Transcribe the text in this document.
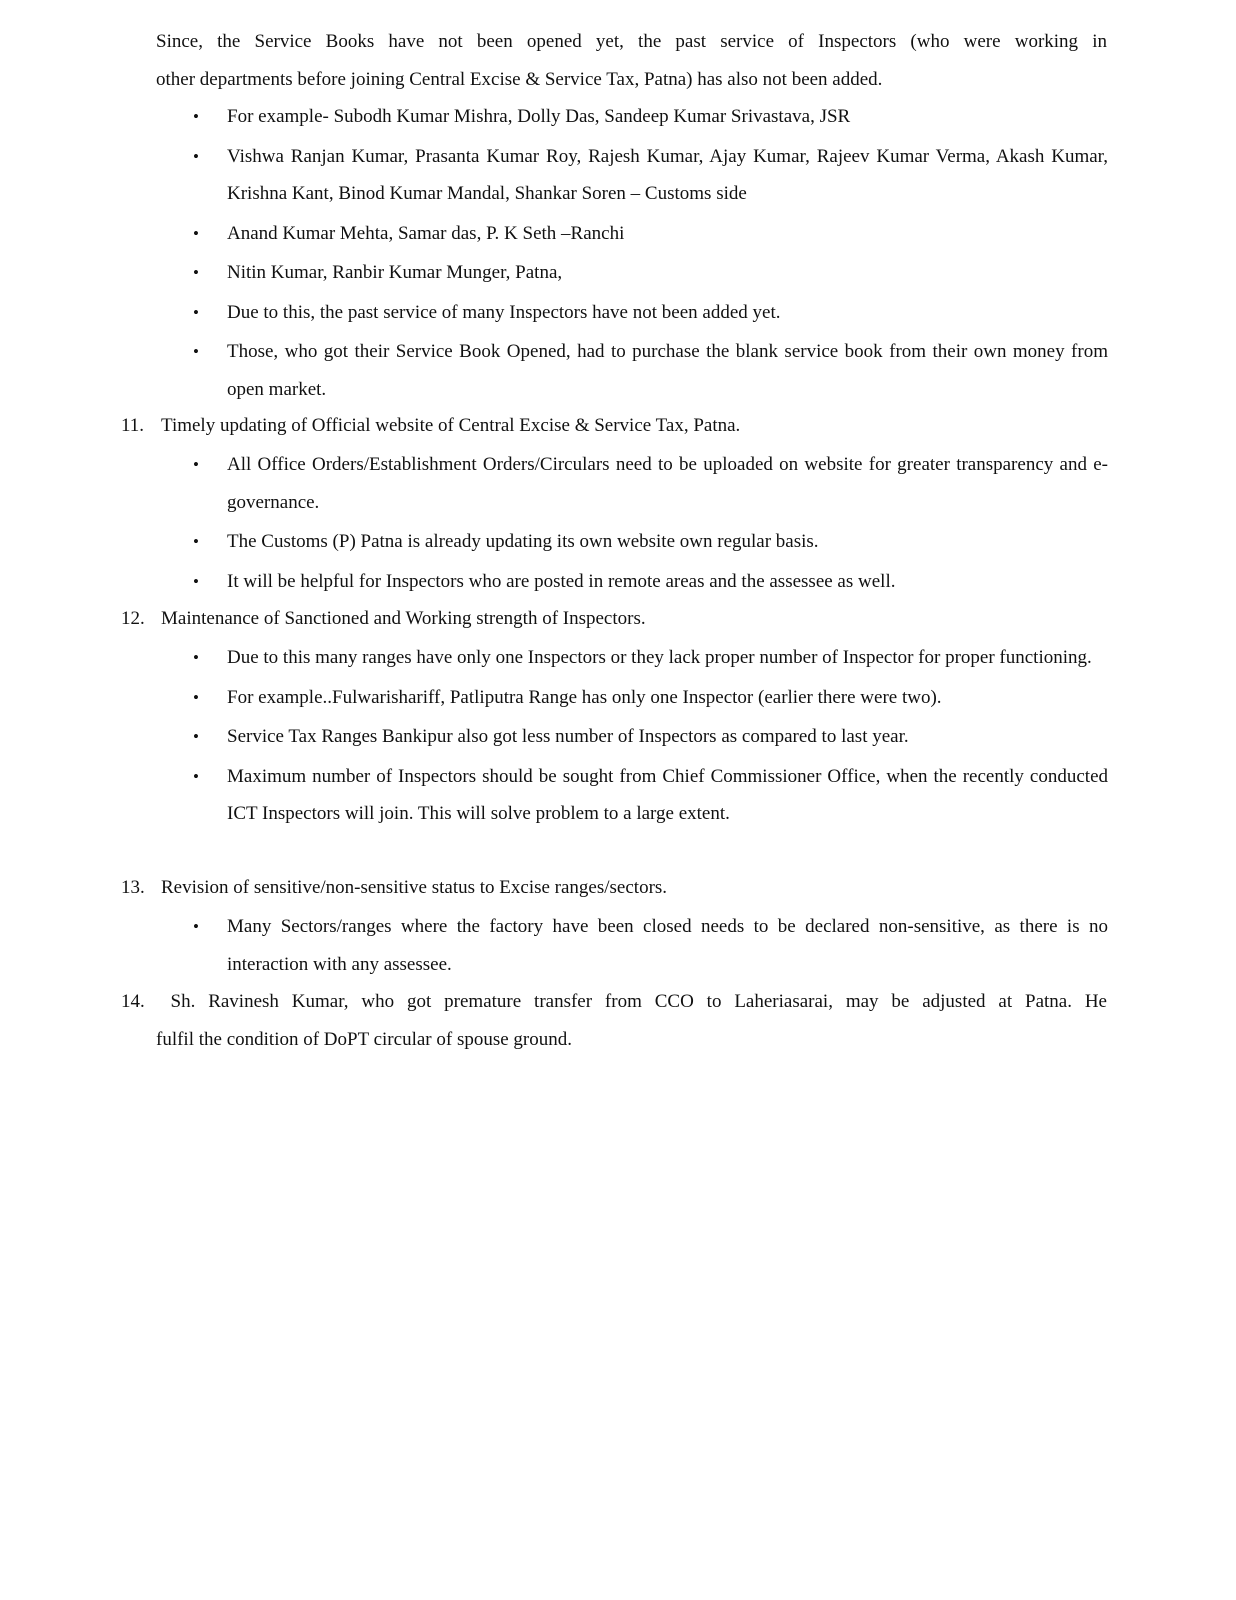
Since, the Service Books have not been opened yet, the past service of Inspectors (who were working in

other departments before joining Central Excise & Service Tax, Patna) has also not been added.

• For example- Subodh Kumar Mishra, Dolly Das, Sandeep Kumar Srivastava, JSR
• Vishwa Ranjan Kumar, Prasanta Kumar Roy, Rajesh Kumar, Ajay Kumar, Rajeev Kumar Verma, Akash Kumar, Krishna Kant, Binod Kumar Mandal, Shankar Soren – Customs side
• Anand Kumar Mehta, Samar das, P. K Seth –Ranchi
• Nitin Kumar, Ranbir Kumar Munger, Patna,
• Due to this, the past service of many Inspectors have not been added yet.
• Those, who got their Service Book Opened, had to purchase the blank service book from their own money from open market.
11. Timely updating of Official website of Central Excise & Service Tax, Patna.
• All Office Orders/Establishment Orders/Circulars need to be uploaded on website for greater transparency and e-governance.
• The Customs (P) Patna is already updating its own website own regular basis.
• It will be helpful for Inspectors who are posted in remote areas and the assessee as well.
12. Maintenance of Sanctioned and Working strength of Inspectors.
• Due to this many ranges have only one Inspectors or they lack proper number of Inspector for proper functioning.
• For example..Fulwarishariff, Patliputra Range has only one Inspector (earlier there were two).
• Service Tax Ranges Bankipur also got less number of Inspectors as compared to last year.
• Maximum number of Inspectors should be sought from Chief Commissioner Office, when the recently conducted ICT Inspectors will join. This will solve problem to a large extent.
13. Revision of sensitive/non-sensitive status to Excise ranges/sectors.
• Many Sectors/ranges where the factory have been closed needs to be declared non-sensitive, as there is no interaction with any assessee.
14. Sh. Ravinesh Kumar, who got premature transfer from CCO to Laheriasarai, may be adjusted at Patna. He
fulfil the condition of DoPT circular of spouse ground.
